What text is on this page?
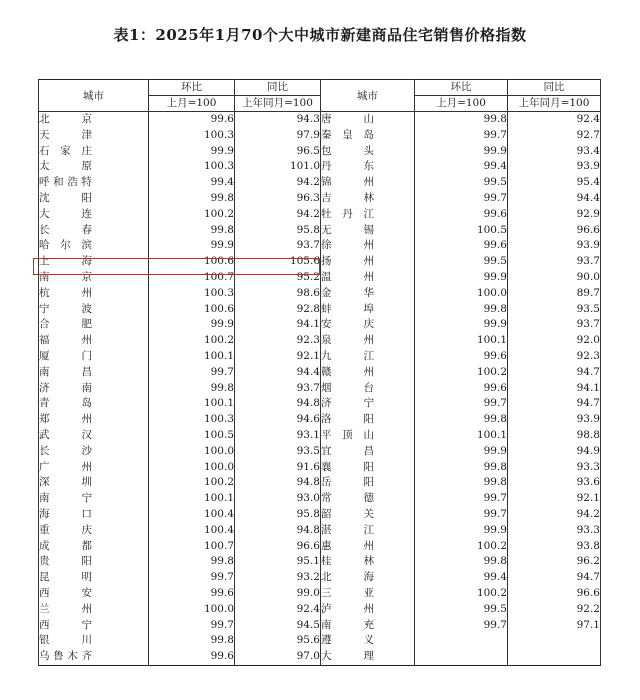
表1：2025年1月70个大中城市新建商品住宅销售价格指数
城市	环比	同比	城市	环比	同比
	上月=100	上年同月=100		上月=100	上年同月=100
北京	99.6	94.3	唐山	99.8	92.4
天津	100.3	97.9	秦皇岛	99.7	92.7
石家庄	99.9	96.5	包头	99.9	93.4
太原	100.3	101.0	丹东	99.4	93.9
呼和浩特	99.4	94.2	锦州	99.5	95.4
沈阳	99.8	96.3	吉林	99.7	94.4
大连	100.2	94.2	牡丹江	99.6	92.9
长春	99.8	95.8	无锡	100.5	96.6
哈尔滨	99.9	93.7	徐州	99.6	93.9
上海	100.6	105.6	扬州	99.5	93.7
南京	100.7	95.2	温州	99.9	90.0
杭州	100.3	98.6	金华	100.0	89.7
宁波	100.6	92.8	蚌埠	99.8	93.5
合肥	99.9	94.1	安庆	99.9	93.7
福州	100.2	92.3	泉州	100.1	92.0
厦门	100.1	92.1	九江	99.6	92.3
南昌	99.7	94.4	赣州	100.2	94.7
济南	99.8	93.7	烟台	99.6	94.1
青岛	100.1	94.8	济宁	99.7	94.7
郑州	100.3	94.6	洛阳	99.8	93.9
武汉	100.5	93.1	平顶山	100.1	98.8
长沙	100.0	93.5	宜昌	99.9	94.9
广州	100.0	91.6	襄阳	99.8	93.3
深圳	100.2	94.8	岳阳	99.8	93.6
南宁	100.1	93.0	常德	99.7	92.1
海口	100.4	95.8	韶关	99.7	94.2
重庆	100.4	94.8	湛江	99.9	93.3
成都	100.7	96.6	惠州	100.2	93.8
贵阳	99.8	95.1	桂林	99.8	96.2
昆明	99.7	93.2	北海	99.4	94.7
西安	99.6	99.0	三亚	100.2	96.6
兰州	100.0	92.4	泸州	99.5	92.2
西宁	99.7	94.5	南充	99.7	97.1
银川	99.8	95.6	遵义		
乌鲁木齐	99.6	97.0	大理		
